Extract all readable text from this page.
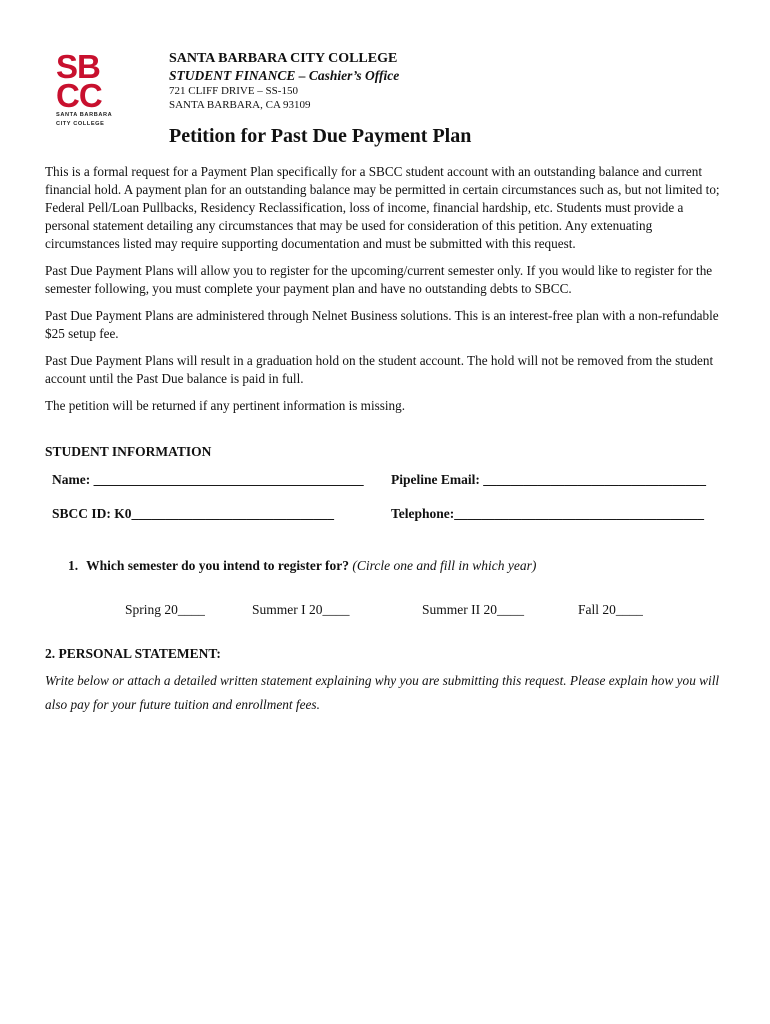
SB
CC
SANTA BARBARA
CITY COLLEGE
SANTA BARBARA CITY COLLEGE
STUDENT FINANCE – Cashier’s Office
721 CLIFF DRIVE – SS-150
SANTA BARBARA, CA 93109
Petition for Past Due Payment Plan

This is a formal request for a Payment Plan specifically for a SBCC student account with an outstanding balance and current financial hold. A payment plan for an outstanding balance may be permitted in certain circumstances such as, but not limited to; Federal Pell/Loan Pullbacks, Residency Reclassification, loss of income, financial hardship, etc. Students must provide a personal statement detailing any circumstances that may be used for consideration of this petition. Any extenuating circumstances listed may require supporting documentation and must be submitted with this request.

Past Due Payment Plans will allow you to register for the upcoming/current semester only. If you would like to register for the semester following, you must complete your payment plan and have no outstanding debts to SBCC.

Past Due Payment Plans are administered through Nelnet Business solutions. This is an interest-free plan with a non-refundable $25 setup fee.

Past Due Payment Plans will result in a graduation hold on the student account. The hold will not be removed from the student account until the Past Due balance is paid in full.

The petition will be returned if any pertinent information is missing.

STUDENT INFORMATION
Name: ________________________________________ Pipeline Email: _________________________________
SBCC ID: K0______________________________	Telephone:_____________________________________
1. Which semester do you intend to register for? (Circle one and fill in which year)
Spring 20____	Summer I 20____	Summer II 20____	Fall 20____
2. PERSONAL STATEMENT:
Write below or attach a detailed written statement explaining why you are submitting this request. Please explain how you will also pay for your future tuition and enrollment fees.
